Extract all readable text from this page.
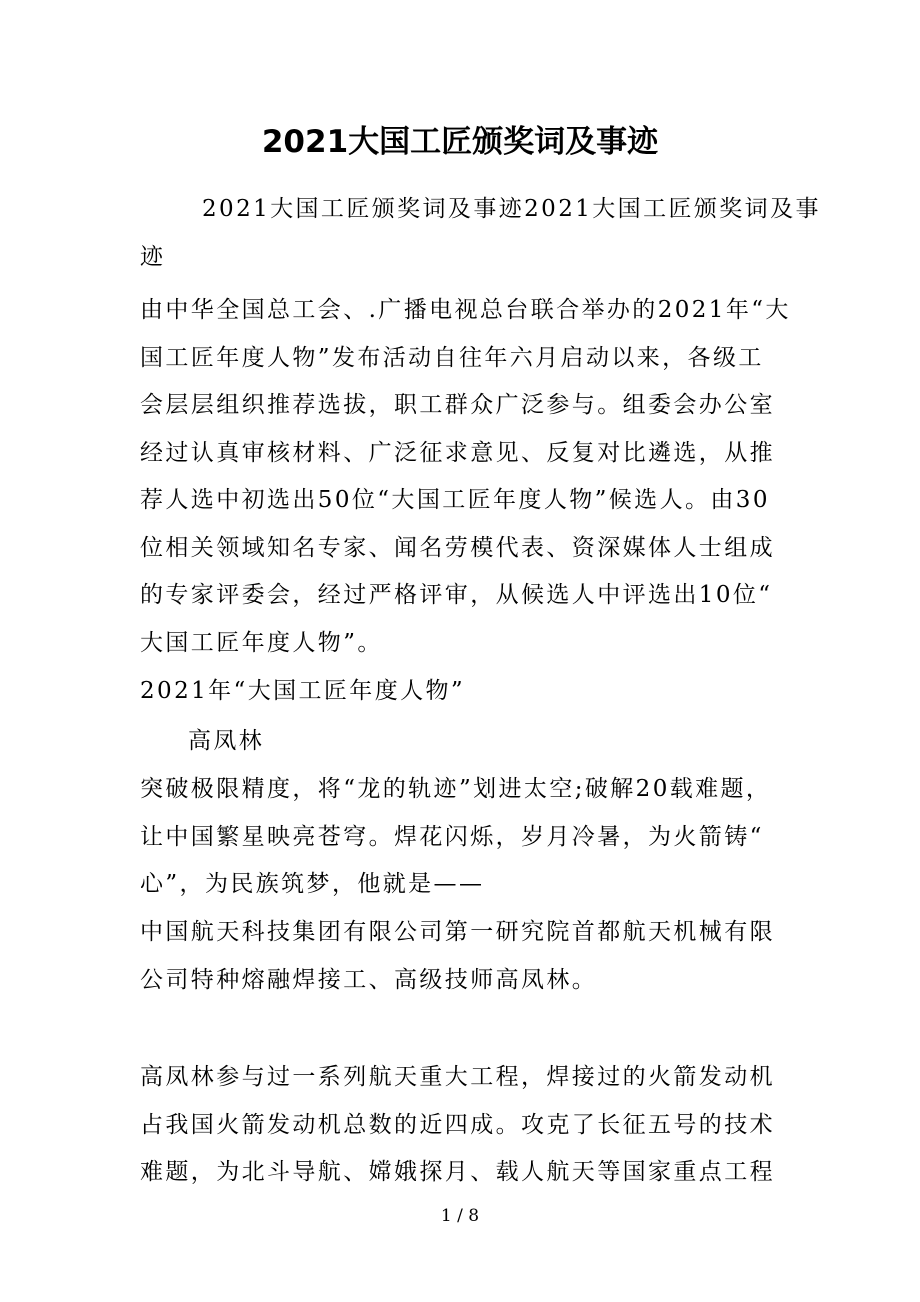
2021大国工匠颁奖词及事迹
2021大国工匠颁奖词及事迹2021大国工匠颁奖词及事
迹
由中华全国总工会、.广播电视总台联合举办的2021年“大
国工匠年度人物”发布活动自往年六月启动以来，各级工
会层层组织推荐选拔，职工群众广泛参与。组委会办公室
经过认真审核材料、广泛征求意见、反复对比遴选，从推
荐人选中初选出50位“大国工匠年度人物”候选人。由30
位相关领域知名专家、闻名劳模代表、资深媒体人士组成
的专家评委会，经过严格评审，从候选人中评选出10位“
大国工匠年度人物”。
2021年“大国工匠年度人物”
高凤林
突破极限精度，将“龙的轨迹”划进太空;破解20载难题，
让中国繁星映亮苍穹。焊花闪烁，岁月冷暑，为火箭铸“
心”，为民族筑梦，他就是——
中国航天科技集团有限公司第一研究院首都航天机械有限
公司特种熔融焊接工、高级技师高凤林。
高凤林参与过一系列航天重大工程，焊接过的火箭发动机
占我国火箭发动机总数的近四成。攻克了长征五号的技术
难题，为北斗导航、嫦娥探月、载人航天等国家重点工程
1 / 8
